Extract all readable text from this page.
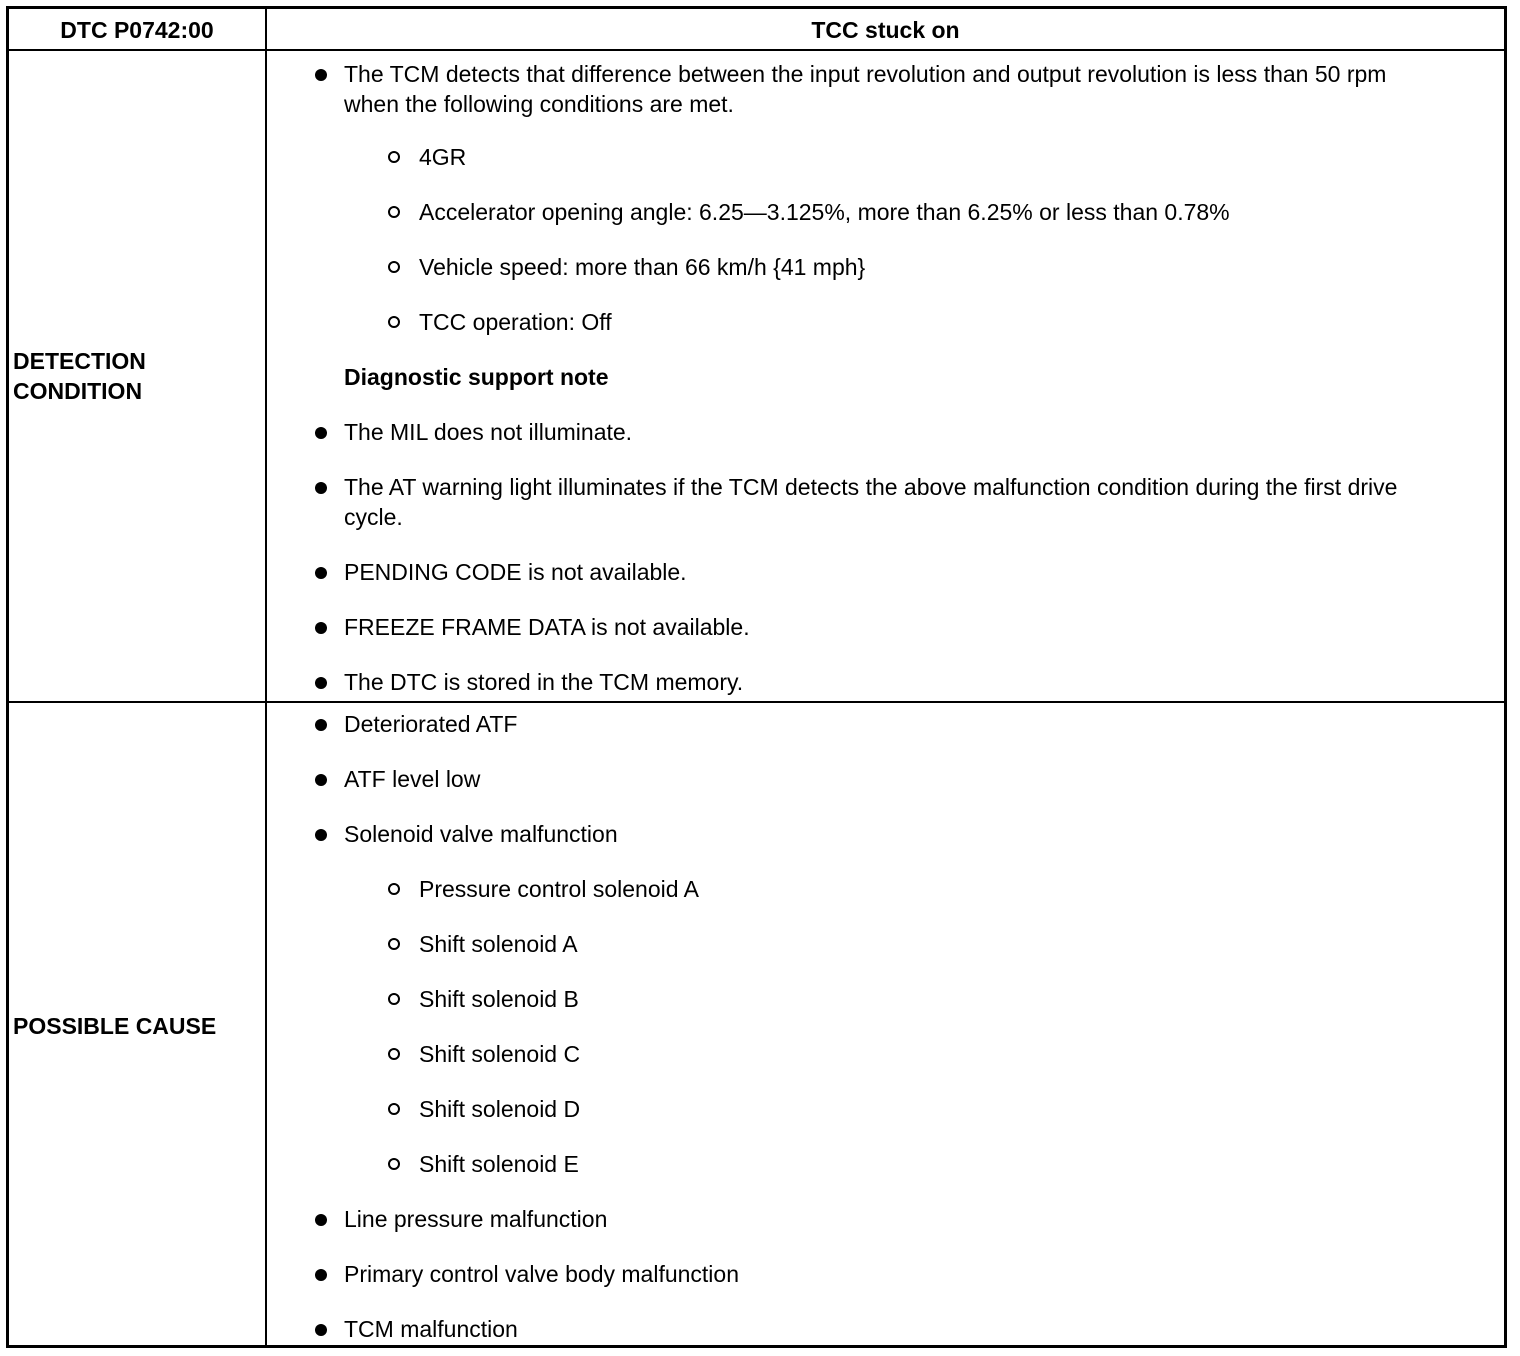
DTC P0742:00	TCC stuck on
DETECTION
CONDITION
The TCM detects that difference between the input revolution and output revolution is less than 50 rpm when the following conditions are met.
4GR
Accelerator opening angle: 6.25—3.125%, more than 6.25% or less than 0.78%
Vehicle speed: more than 66 km/h {41 mph}
TCC operation: Off
Diagnostic support note
The MIL does not illuminate.
The AT warning light illuminates if the TCM detects the above malfunction condition during the first drive cycle.
PENDING CODE is not available.
FREEZE FRAME DATA is not available.
The DTC is stored in the TCM memory.
POSSIBLE CAUSE
Deteriorated ATF
ATF level low
Solenoid valve malfunction
Pressure control solenoid A
Shift solenoid A
Shift solenoid B
Shift solenoid C
Shift solenoid D
Shift solenoid E
Line pressure malfunction
Primary control valve body malfunction
TCM malfunction
